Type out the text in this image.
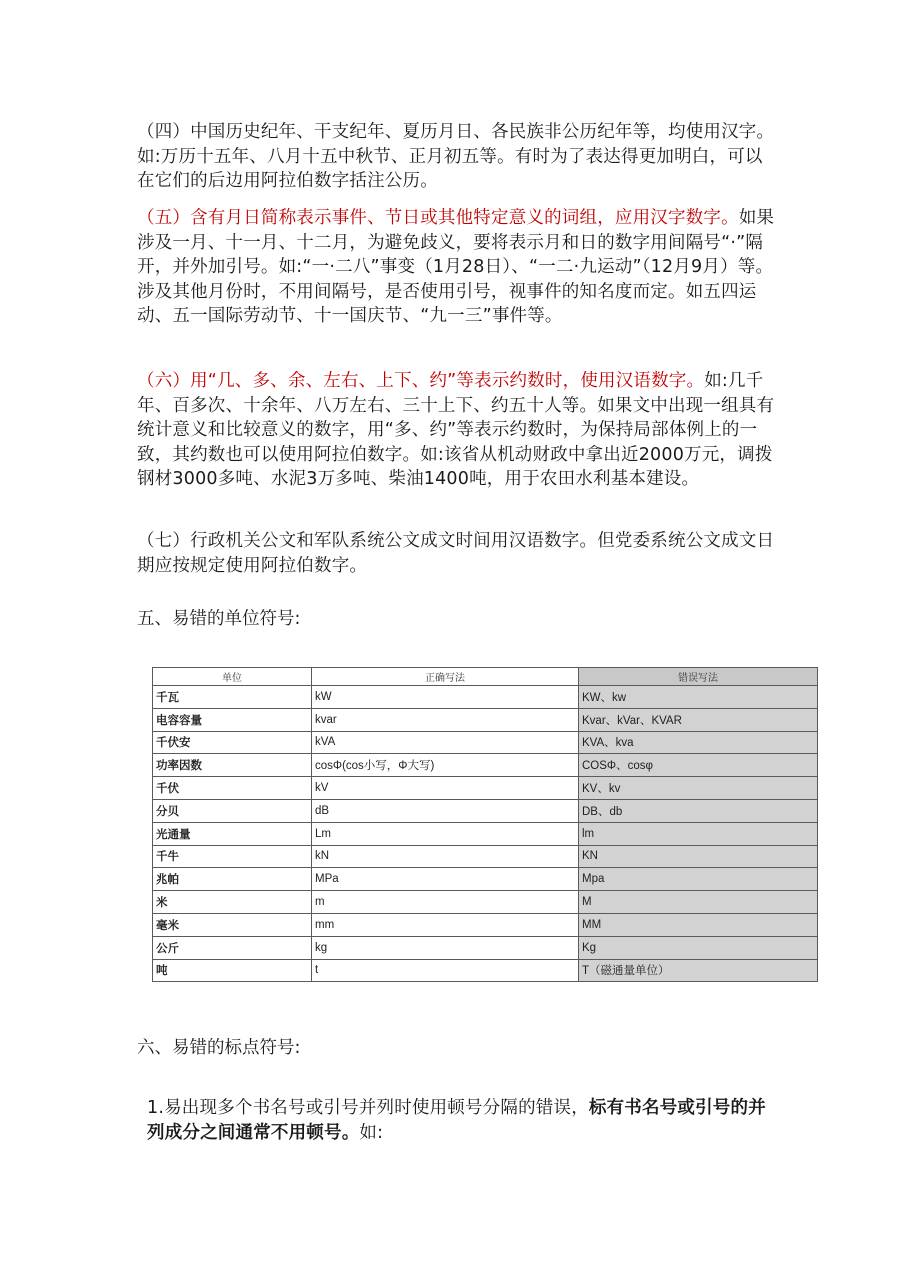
（四）中国历史纪年、干支纪年、夏历月日、各民族非公历纪年等，均使用汉字。如:万历十五年、八月十五中秋节、正月初五等。有时为了表达得更加明白，可以在它们的后边用阿拉伯数字括注公历。

（五）含有月日简称表示事件、节日或其他特定意义的词组，应用汉字数字。如果涉及一月、十一月、十二月，为避免歧义，要将表示月和日的数字用间隔号“·”隔开，并外加引号。如:“一·二八”事变（1月28日）、“一二·九运动”（12月9月）等。涉及其他月份时，不用间隔号，是否使用引号，视事件的知名度而定。如五四运动、五一国际劳动节、十一国庆节、“九一三”事件等。

（六）用“几、多、余、左右、上下、约”等表示约数时，使用汉语数字。如:几千年、百多次、十余年、八万左右、三十上下、约五十人等。如果文中出现一组具有统计意义和比较意义的数字，用“多、约”等表示约数时，为保持局部体例上的一致，其约数也可以使用阿拉伯数字。如:该省从机动财政中拿出近2000万元，调拨钢材3000多吨、水泥3万多吨、柴油1400吨，用于农田水利基本建设。

（七）行政机关公文和军队系统公文成文时间用汉语数字。但党委系统公文成文日期应按规定使用阿拉伯数字。

五、易错的单位符号:
单位	正确写法	错误写法
千瓦	kW	KW、kw
电容容量	kvar	Kvar、kVar、KVAR
千伏安	kVA	KVA、kva
功率因数	cosΦ(cos小写，Φ大写)	COSΦ、cosφ
千伏	kV	KV、kv
分贝	dB	DB、db
光通量	Lm	lm
千牛	kN	KN
兆帕	MPa	Mpa
米	m	M
毫米	mm	MM
公斤	kg	Kg
吨	t	T（磁通量单位）
六、易错的标点符号:

1.易出现多个书名号或引号并列时使用顿号分隔的错误，标有书名号或引号的并列成分之间通常不用顿号。如:
